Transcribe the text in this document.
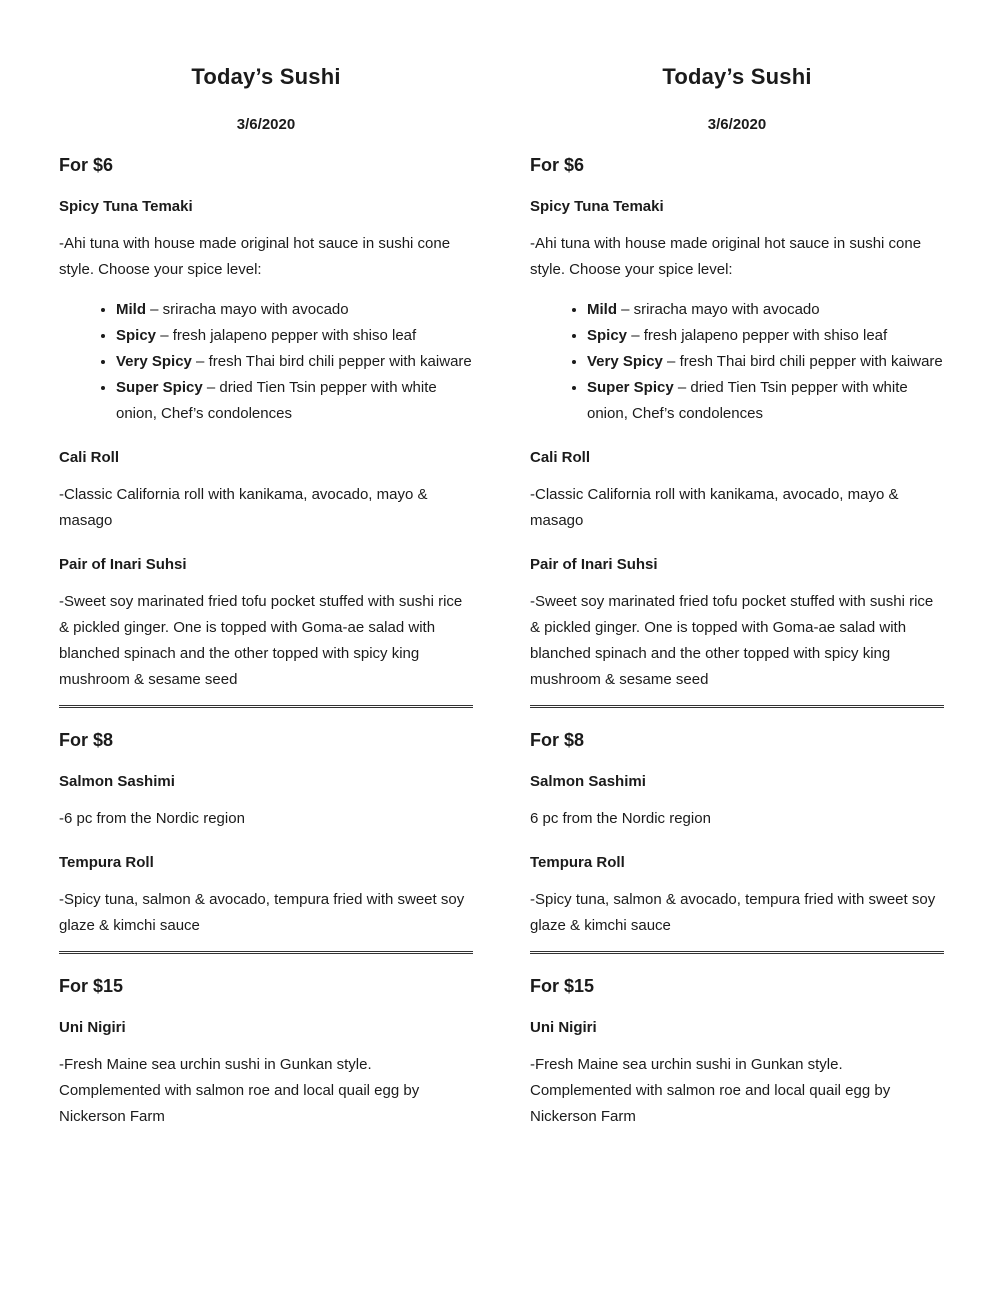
Today’s Sushi
3/6/2020
For $6
Spicy Tuna Temaki

-Ahi tuna with house made original hot sauce in sushi cone style. Choose your spice level:

• Mild – sriracha mayo with avocado
• Spicy – fresh jalapeno pepper with shiso leaf
• Very Spicy – fresh Thai bird chili pepper with kaiware
• Super Spicy – dried Tien Tsin pepper with white onion, Chef’s condolences
Cali Roll

-Classic California roll with kanikama, avocado, mayo & masago

Pair of Inari Suhsi

-Sweet soy marinated fried tofu pocket stuffed with sushi rice & pickled ginger. One is topped with Goma-ae salad with blanched spinach and the other topped with spicy king mushroom & sesame seed

For $8
Salmon Sashimi

-6 pc from the Nordic region

Tempura Roll

-Spicy tuna, salmon & avocado, tempura fried with sweet soy glaze & kimchi sauce

For $15
Uni Nigiri

-Fresh Maine sea urchin sushi in Gunkan style. Complemented with salmon roe and local quail egg by Nickerson Farm

Today’s Sushi
3/6/2020
For $6
Spicy Tuna Temaki

-Ahi tuna with house made original hot sauce in sushi cone style. Choose your spice level:

• Mild – sriracha mayo with avocado
• Spicy – fresh jalapeno pepper with shiso leaf
• Very Spicy – fresh Thai bird chili pepper with kaiware
• Super Spicy – dried Tien Tsin pepper with white onion, Chef’s condolences
Cali Roll

-Classic California roll with kanikama, avocado, mayo & masago

Pair of Inari Suhsi

-Sweet soy marinated fried tofu pocket stuffed with sushi rice & pickled ginger. One is topped with Goma-ae salad with blanched spinach and the other topped with spicy king mushroom & sesame seed

For $8
Salmon Sashimi

6 pc from the Nordic region

Tempura Roll

-Spicy tuna, salmon & avocado, tempura fried with sweet soy glaze & kimchi sauce

For $15
Uni Nigiri

-Fresh Maine sea urchin sushi in Gunkan style. Complemented with salmon roe and local quail egg by Nickerson Farm
